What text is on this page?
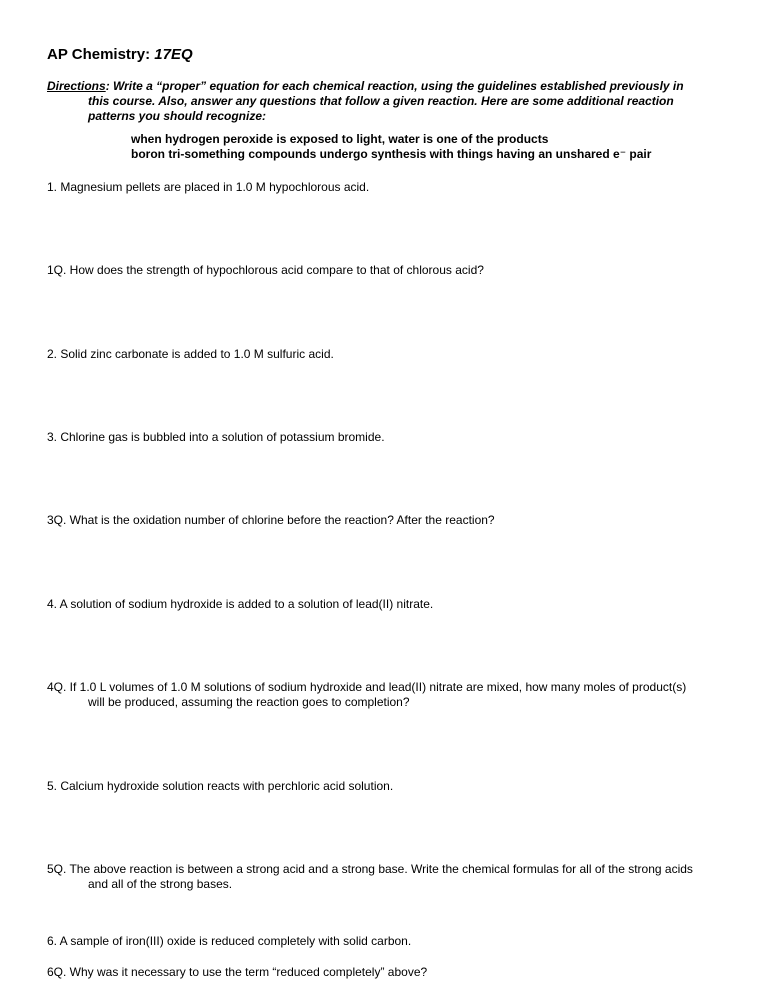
AP Chemistry: 17EQ

Directions: Write a “proper” equation for each chemical reaction, using the guidelines established previously in
this course. Also, answer any questions that follow a given reaction. Here are some additional reaction
patterns you should recognize:

when hydrogen peroxide is exposed to light, water is one of the products
boron tri-something compounds undergo synthesis with things having an unshared e⁻ pair

1. Magnesium pellets are placed in 1.0 M hypochlorous acid.

1Q. How does the strength of hypochlorous acid compare to that of chlorous acid?

2. Solid zinc carbonate is added to 1.0 M sulfuric acid.

3. Chlorine gas is bubbled into a solution of potassium bromide.

3Q. What is the oxidation number of chlorine before the reaction? After the reaction?

4. A solution of sodium hydroxide is added to a solution of lead(II) nitrate.

4Q. If 1.0 L volumes of 1.0 M solutions of sodium hydroxide and lead(II) nitrate are mixed, how many moles of product(s)
will be produced, assuming the reaction goes to completion?

5. Calcium hydroxide solution reacts with perchloric acid solution.

5Q. The above reaction is between a strong acid and a strong base. Write the chemical formulas for all of the strong acids
and all of the strong bases.

6. A sample of iron(III) oxide is reduced completely with solid carbon.

6Q. Why was it necessary to use the term “reduced completely” above?
